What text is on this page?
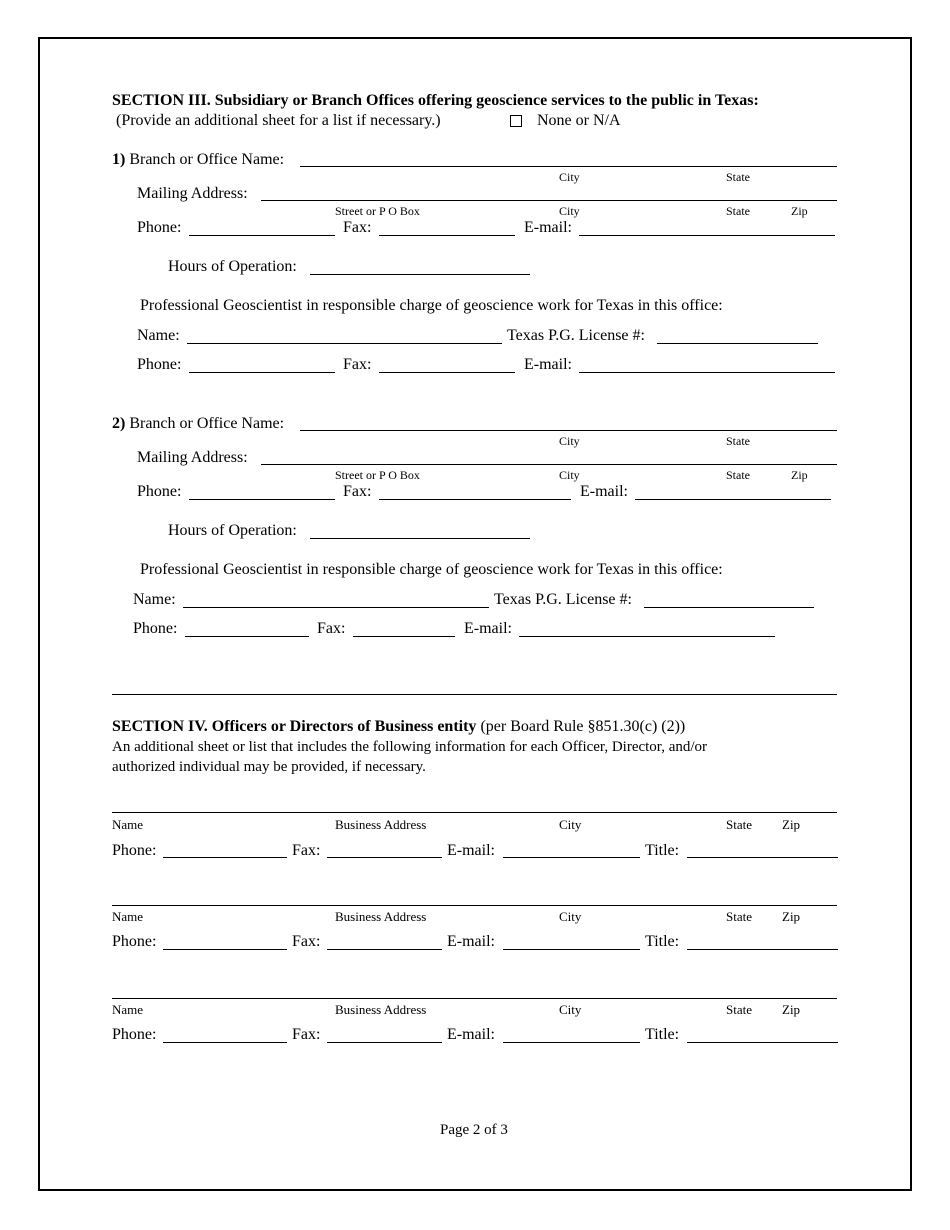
SECTION III. Subsidiary or Branch Offices offering geoscience services to the public in Texas:
(Provide an additional sheet for a list if necessary.)	None or N/A
1) Branch or Office Name:
City	State
Mailing Address:
Street or P O Box	City	State	Zip
Phone:	Fax:	E-mail:
Hours of Operation:
Professional Geoscientist in responsible charge of geoscience work for Texas in this office:
Name:	Texas P.G. License #:
Phone:	Fax:	E-mail:
2) Branch or Office Name:
City	State
Mailing Address:
Street or P O Box	City	State	Zip
Phone:	Fax:	E-mail:
Hours of Operation:
Professional Geoscientist in responsible charge of geoscience work for Texas in this office:
Name:	Texas P.G. License #:
Phone:	Fax:	E-mail:
SECTION IV. Officers or Directors of Business entity (per Board Rule §851.30(c) (2))
An additional sheet or list that includes the following information for each Officer, Director, and/or
authorized individual may be provided, if necessary.
Name	Business Address	City	State Zip
Phone:	Fax:	E-mail:	Title:
Name	Business Address	City	State Zip
Phone:	Fax:	E-mail:	Title:
Name	Business Address	City	State Zip
Phone:	Fax:	E-mail:	Title:
Page 2 of 3
